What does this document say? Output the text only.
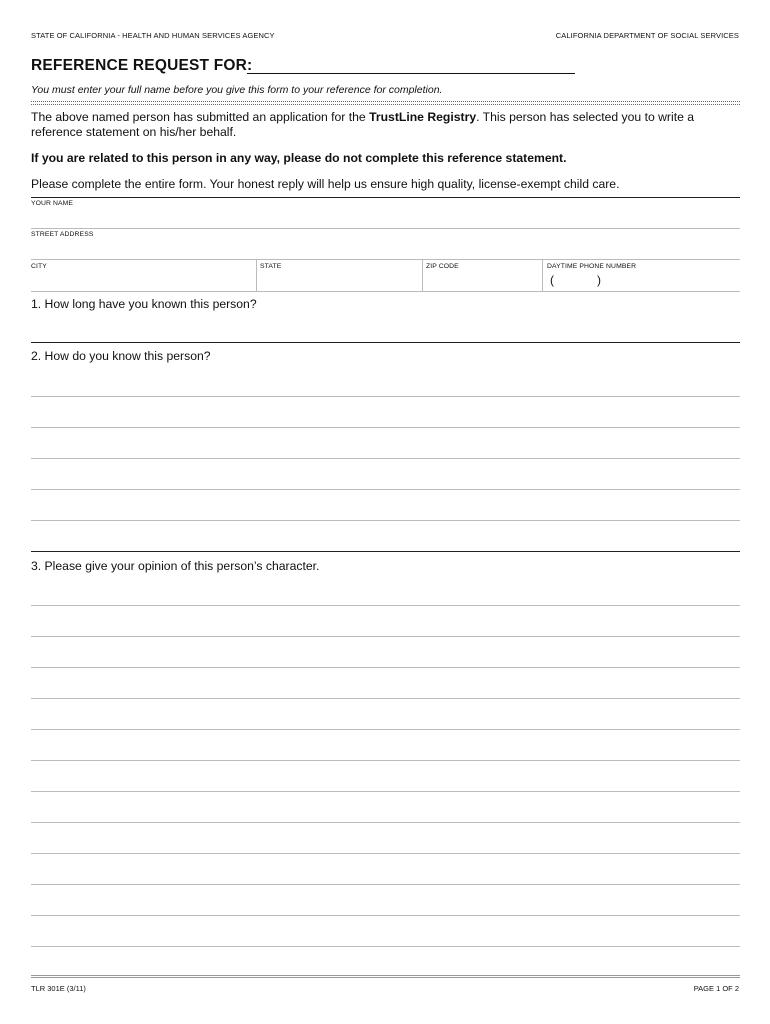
STATE OF CALIFORNIA - HEALTH AND HUMAN SERVICES AGENCY	CALIFORNIA DEPARTMENT OF SOCIAL SERVICES
REFERENCE REQUEST FOR:
You must enter your full name before you give this form to your reference for completion.
The above named person has submitted an application for the TrustLine Registry. This person has selected you to write a reference statement on his/her behalf.
If you are related to this person in any way, please do not complete this reference statement.
Please complete the entire form. Your honest reply will help us ensure high quality, license-exempt child care.
YOUR NAME
STREET ADDRESS
CITY	STATE	ZIP CODE	DAYTIME PHONE NUMBER
(	)
1. How long have you known this person?
2. How do you know this person?
3. Please give your opinion of this person’s character.
TLR 301E (3/11)	PAGE 1 OF 2
